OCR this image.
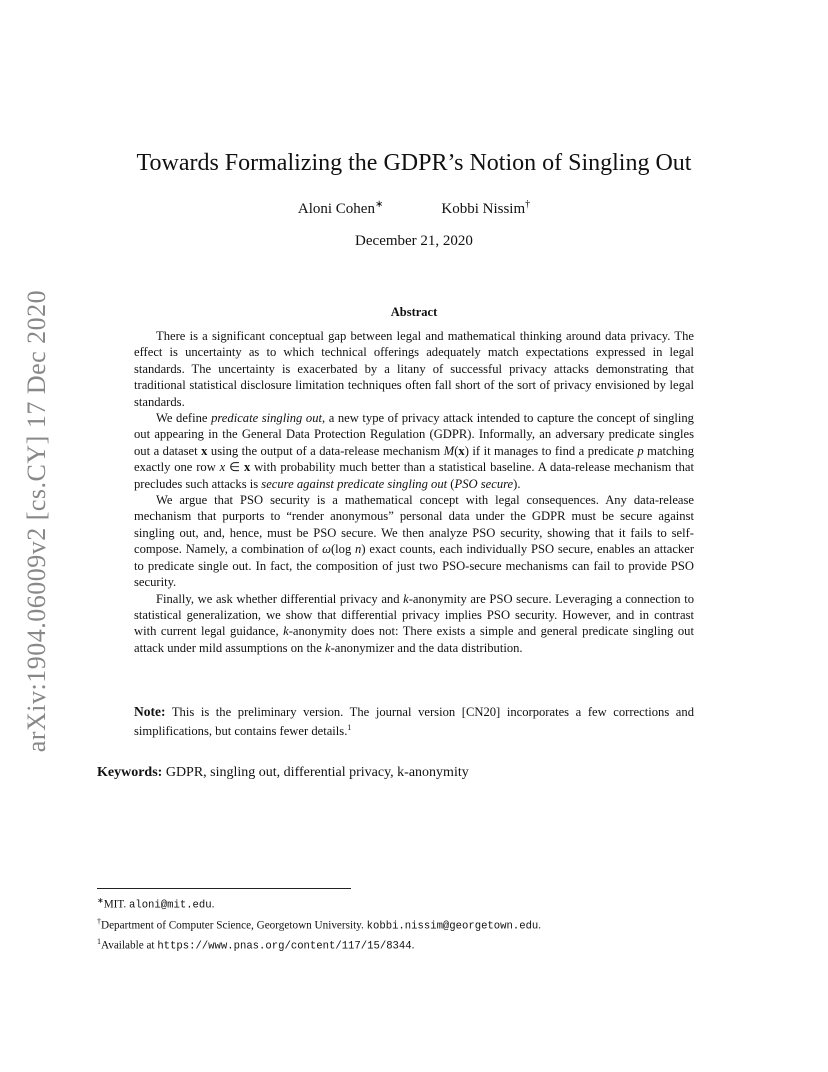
arXiv:1904.06009v2 [cs.CY] 17 Dec 2020
Towards Formalizing the GDPR’s Notion of Singling Out
Aloni Cohen∗	Kobbi Nissim†
December 21, 2020
Abstract

There is a significant conceptual gap between legal and mathematical thinking around data privacy. The effect is uncertainty as to which technical offerings adequately match expectations expressed in legal standards. The uncertainty is exacerbated by a litany of successful privacy attacks demonstrating that traditional statistical disclosure limitation techniques often fall short of the sort of privacy envisioned by legal standards.

We define predicate singling out, a new type of privacy attack intended to capture the concept of singling out appearing in the General Data Protection Regulation (GDPR). Informally, an adversary predicate singles out a dataset x using the output of a data-release mechanism M(x) if it manages to find a predicate p matching exactly one row x ∈ x with probability much better than a statistical baseline. A data-release mechanism that precludes such attacks is secure against predicate singling out (PSO secure).

We argue that PSO security is a mathematical concept with legal consequences. Any data-release mechanism that purports to “render anonymous” personal data under the GDPR must be secure against singling out, and, hence, must be PSO secure. We then analyze PSO security, showing that it fails to self-compose. Namely, a combination of ω(log n) exact counts, each individually PSO secure, enables an attacker to predicate single out. In fact, the composition of just two PSO-secure mechanisms can fail to provide PSO security.

Finally, we ask whether differential privacy and k-anonymity are PSO secure. Leveraging a connection to statistical generalization, we show that differential privacy implies PSO security. However, and in contrast with current legal guidance, k-anonymity does not: There exists a simple and general predicate singling out attack under mild assumptions on the k-anonymizer and the data distribution.

Note: This is the preliminary version. The journal version [CN20] incorporates a few corrections and simplifications, but contains fewer details.$^1$
Keywords: GDPR, singling out, differential privacy, k-anonymity
∗MIT. aloni@mit.edu.
†Department of Computer Science, Georgetown University. kobbi.nissim@georgetown.edu.
$^1$Available at https://www.pnas.org/content/117/15/8344.
